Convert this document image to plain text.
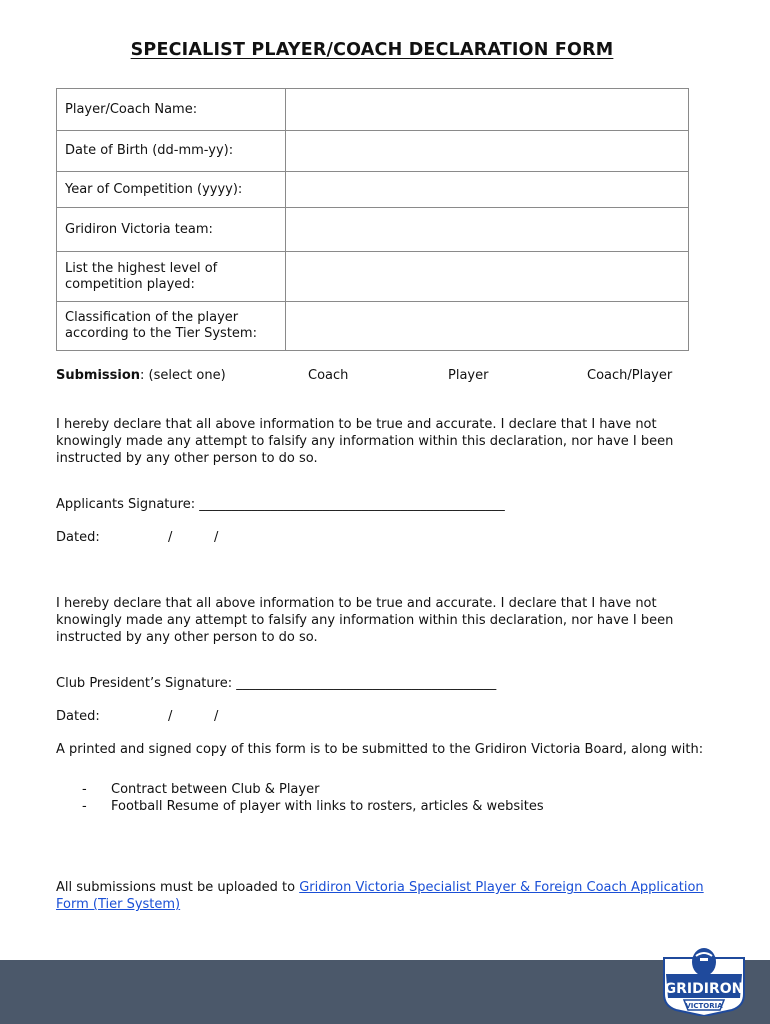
SPECIALIST PLAYER/COACH DECLARATION FORM
Player/Coach Name:	
Date of Birth (dd-mm-yy):	
Year of Competition (yyyy):	
Gridiron Victoria team:	
List the highest level of competition played:	
Classification of the player according to the Tier System:	
Submission: (select one)	Coach	Player	Coach/Player
I hereby declare that all above information to be true and accurate. I declare that I have not knowingly made any attempt to falsify any information within this declaration, nor have I been instructed by any other person to do so.
Applicants Signature: _______________________________________________
Dated:	/	/
I hereby declare that all above information to be true and accurate. I declare that I have not knowingly made any attempt to falsify any information within this declaration, nor have I been instructed by any other person to do so.
Club President’s Signature: ________________________________________
Dated:	/	/
A printed and signed copy of this form is to be submitted to the Gridiron Victoria Board, along with:
- Contract between Club & Player
- Football Resume of player with links to rosters, articles & websites
All submissions must be uploaded to Gridiron Victoria Specialist Player & Foreign Coach Application Form (Tier System)
GRIDIRON
VICTORIA
